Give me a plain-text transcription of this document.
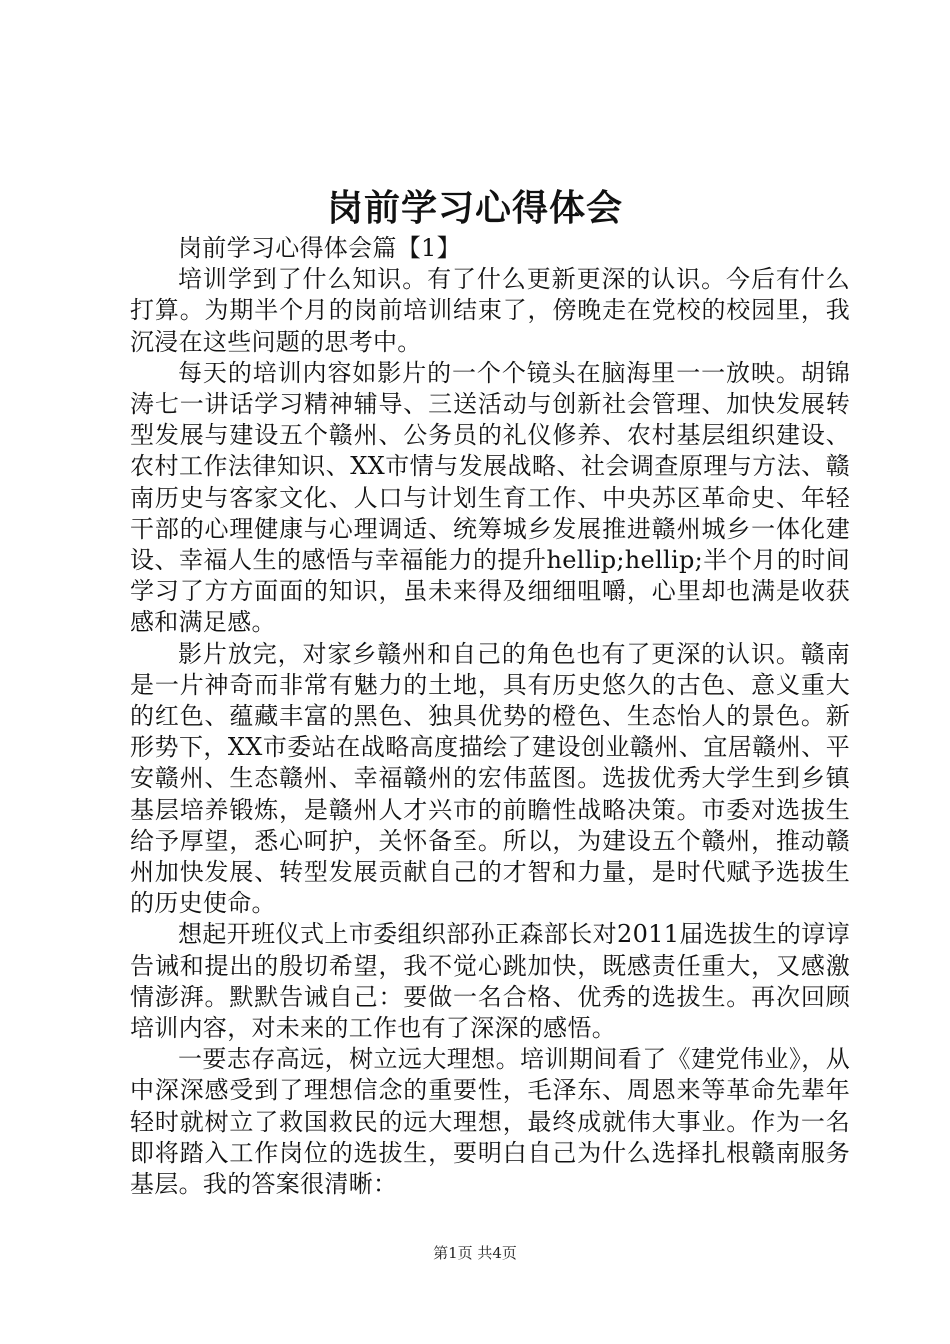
岗前学习心得体会

岗前学习心得体会篇【1】

培训学到了什么知识。有了什么更新更深的认识。今后有什么打算。为期半个月的岗前培训结束了，傍晚走在党校的校园里，我沉浸在这些问题的思考中。

每天的培训内容如影片的一个个镜头在脑海里一一放映。胡锦涛七一讲话学习精神辅导、三送活动与创新社会管理、加快发展转型发展与建设五个赣州、公务员的礼仪修养、农村基层组织建设、农村工作法律知识、XX市情与发展战略、社会调查原理与方法、赣南历史与客家文化、人口与计划生育工作、中央苏区革命史、年轻干部的心理健康与心理调适、统筹城乡发展推进赣州城乡一体化建设、幸福人生的感悟与幸福能力的提升hellip;hellip;半个月的时间学习了方方面面的知识，虽未来得及细细咀嚼，心里却也满是收获感和满足感。

影片放完，对家乡赣州和自己的角色也有了更深的认识。赣南是一片神奇而非常有魅力的土地，具有历史悠久的古色、意义重大的红色、蕴藏丰富的黑色、独具优势的橙色、生态怡人的景色。新形势下，XX市委站在战略高度描绘了建设创业赣州、宜居赣州、平安赣州、生态赣州、幸福赣州的宏伟蓝图。选拔优秀大学生到乡镇基层培养锻炼，是赣州人才兴市的前瞻性战略决策。市委对选拔生给予厚望，悉心呵护，关怀备至。所以，为建设五个赣州，推动赣州加快发展、转型发展贡献自己的才智和力量，是时代赋予选拔生的历史使命。

想起开班仪式上市委组织部孙正森部长对2011届选拔生的谆谆告诫和提出的殷切希望，我不觉心跳加快，既感责任重大，又感激情澎湃。默默告诫自己：要做一名合格、优秀的选拔生。再次回顾培训内容，对未来的工作也有了深深的感悟。

一要志存高远，树立远大理想。培训期间看了《建党伟业》，从中深深感受到了理想信念的重要性，毛泽东、周恩来等革命先辈年轻时就树立了救国救民的远大理想，最终成就伟大事业。作为一名即将踏入工作岗位的选拔生，要明白自己为什么选择扎根赣南服务基层。我的答案很清晰：

第1页 共4页
